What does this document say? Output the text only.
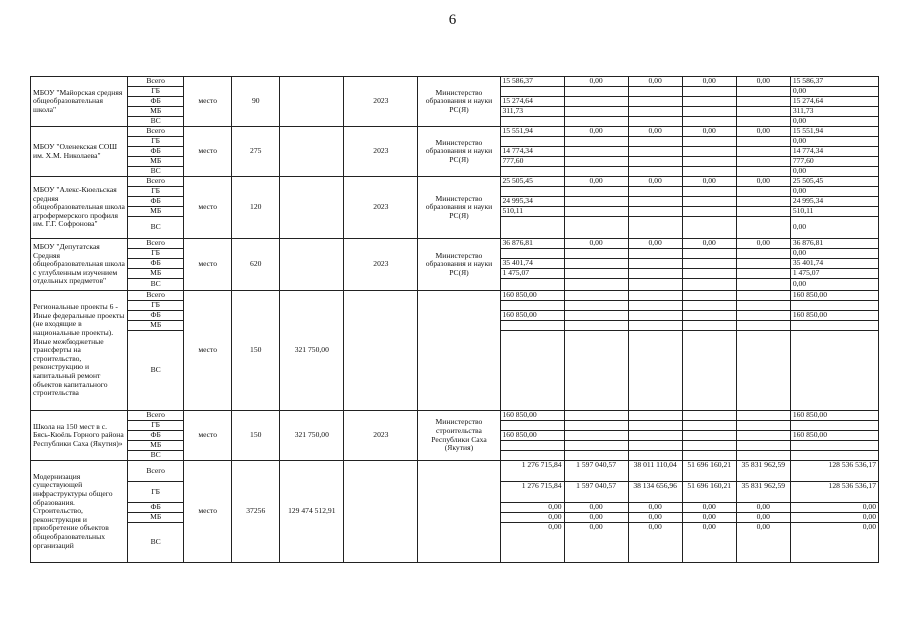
6
МБОУ "Майорская средняя общеобразовательная школа"	Всего	место	90		2023	Министерство образования и науки РС(Я)	15 586,37	0,00	0,00	0,00	0,00	15 586,37
	ГБ											0,00
	ФБ						15 274,64					15 274,64
	МБ						311,73					311,73
	ВС											0,00
МБОУ "Оленекская СОШ им. Х.М. Николаева"	Всего	место	275		2023	Министерство образования и науки РС(Я)	15 551,94	0,00	0,00	0,00	0,00	15 551,94
	ГБ											0,00
	ФБ						14 774,34					14 774,34
	МБ						777,60					777,60
	ВС											0,00
МБОУ "Алекс-Кюельская средняя общеобразовательная школа агрофермерского профиля им. Г.Г. Софронова"	Всего	место	120		2023	Министерство образования и науки РС(Я)	25 505,45	0,00	0,00	0,00	0,00	25 505,45
	ГБ											0,00
	ФБ						24 995,34					24 995,34
	МБ						510,11					510,11
	ВС											0,00
МБОУ "Депутатская Средняя общеобразовательная школа с углубленным изучением отдельных предметов"	Всего	место	620		2023	Министерство образования и науки РС(Я)	36 876,81	0,00	0,00	0,00	0,00	36 876,81
	ГБ											0,00
	ФБ						35 401,74					35 401,74
	МБ						1 475,07					1 475,07
	ВС											0,00
Региональные проекты 6 - Иные федеральные проекты (не входящие в национальные проекты).
Иные межбюджетные трансферты на строительство, реконструкцию и капитальный ремонт объектов капитального строительства	Всего	место	150	321 750,00			160 850,00					160 850,00
	ГБ											
	ФБ						160 850,00					160 850,00
	МБ											
	ВС											
Школа на 150 мест в с. Бясь-Кюёль Горного района Республики Саха (Якутия)»	Всего	место	150	321 750,00	2023	Министерство строительства Республики Саха (Якутия)	160 850,00					160 850,00
	ГБ											
	ФБ						160 850,00					160 850,00
	МБ											
	ВС											
Модернизация существующей инфраструктуры общего образования. Строительство, реконструкция и приобретение объектов общеобразовательных организаций	Всего	место	37256	129 474 512,91			1 276 715,84	1 597 040,57	38 011 110,04	51 696 160,21	35 831 962,59	128 536 536,17
	ГБ						1 276 715,84	1 597 040,57	38 134 656,96	51 696 160,21	35 831 962,59	128 536 536,17
	ФБ						0,00	0,00	0,00	0,00	0,00	0,00
	МБ						0,00	0,00	0,00	0,00	0,00	0,00
	ВС						0,00	0,00	0,00	0,00	0,00	0,00
